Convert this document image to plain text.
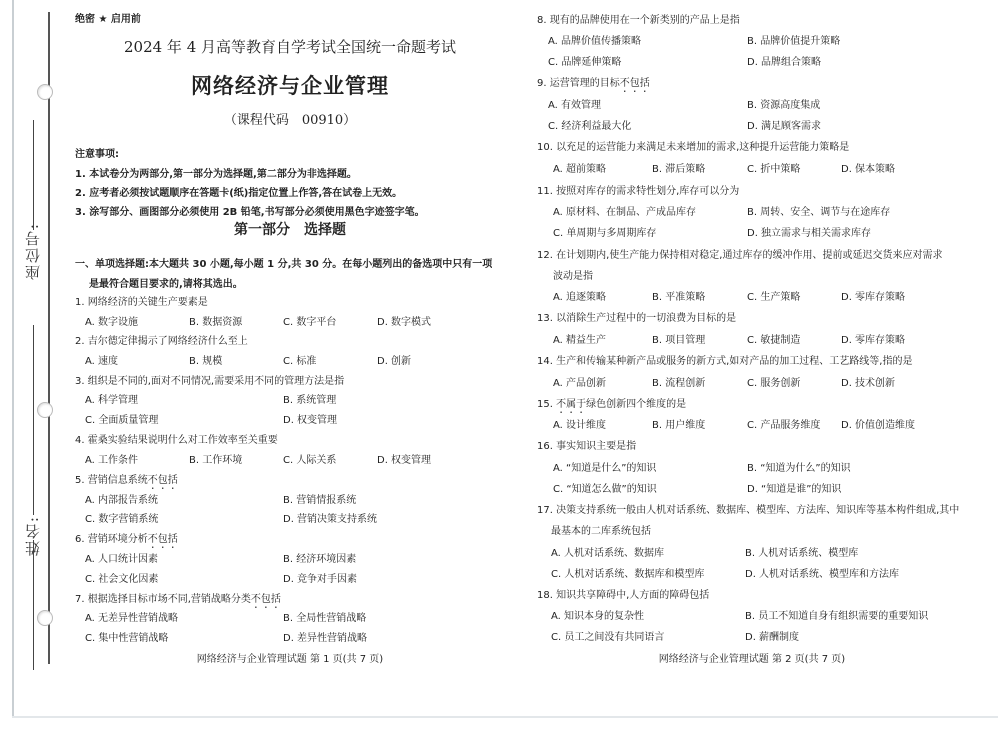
座位号:
姓名:
绝密 ★ 启用前
2024 年 4 月高等教育自学考试全国统一命题考试
网络经济与企业管理
（课程代码　00910）
注意事项:
1. 本试卷分为两部分,第一部分为选择题,第二部分为非选择题。
2. 应考者必须按试题顺序在答题卡(纸)指定位置上作答,答在试卷上无效。
3. 涂写部分、画图部分必须使用 2B 铅笔,书写部分必须使用黑色字迹签字笔。
第一部分　选择题
一、单项选择题:本大题共 30 小题,每小题 1 分,共 30 分。在每小题列出的备选项中只有一项
是最符合题目要求的,请将其选出。
1. 网络经济的关键生产要素是
A. 数字设施	B. 数据资源	C. 数字平台	D. 数字模式
2. 吉尔德定律揭示了网络经济什么至上
A. 速度	B. 规模	C. 标准	D. 创新
3. 组织是不同的,面对不同情况,需要采用不同的管理方法是指
A. 科学管理	B. 系统管理
C. 全面质量管理	D. 权变管理
4. 霍桑实验结果说明什么对工作效率至关重要
A. 工作条件	B. 工作环境	C. 人际关系	D. 权变管理
5. 营销信息系统不包括
A. 内部报告系统	B. 营销情报系统
C. 数字营销系统	D. 营销决策支持系统
6. 营销环境分析不包括
A. 人口统计因素	B. 经济环境因素
C. 社会文化因素	D. 竞争对手因素
7. 根据选择目标市场不同,营销战略分类不包括
A. 无差异性营销战略	B. 全局性营销战略
C. 集中性营销战略	D. 差异性营销战略
网络经济与企业管理试题 第 1 页(共 7 页)
8. 现有的品牌使用在一个新类别的产品上是指
A. 品牌价值传播策略	B. 品牌价值提升策略
C. 品牌延伸策略	D. 品牌组合策略
9. 运营管理的目标不包括
A. 有效管理	B. 资源高度集成
C. 经济利益最大化	D. 满足顾客需求
10. 以充足的运营能力来满足未来增加的需求,这种提升运营能力策略是
A. 超前策略	B. 滞后策略	C. 折中策略	D. 保本策略
11. 按照对库存的需求特性划分,库存可以分为
A. 原材料、在制品、产成品库存	B. 周转、安全、调节与在途库存
C. 单周期与多周期库存	D. 独立需求与相关需求库存
12. 在计划期内,使生产能力保持相对稳定,通过库存的缓冲作用、提前或延迟交货来应对需求
波动是指
A. 追逐策略	B. 平准策略	C. 生产策略	D. 零库存策略
13. 以消除生产过程中的一切浪费为目标的是
A. 精益生产	B. 项目管理	C. 敏捷制造	D. 零库存策略
14. 生产和传输某种新产品或服务的新方式,如对产品的加工过程、工艺路线等,指的是
A. 产品创新	B. 流程创新	C. 服务创新	D. 技术创新
15. 不属于绿色创新四个维度的是
A. 设计维度	B. 用户维度	C. 产品服务维度 D. 价值创造维度
16. 事实知识主要是指
A. “知道是什么”的知识	B. “知道为什么”的知识
C. “知道怎么做”的知识	D. “知道是谁”的知识
17. 决策支持系统一般由人机对话系统、数据库、模型库、方法库、知识库等基本构件组成,其中
最基本的二库系统包括
A. 人机对话系统、数据库	B. 人机对话系统、模型库
C. 人机对话系统、数据库和模型库	D. 人机对话系统、模型库和方法库
18. 知识共享障碍中,人方面的障碍包括
A. 知识本身的复杂性	B. 员工不知道自身有组织需要的重要知识
C. 员工之间没有共同语言	D. 薪酬制度
网络经济与企业管理试题 第 2 页(共 7 页)
